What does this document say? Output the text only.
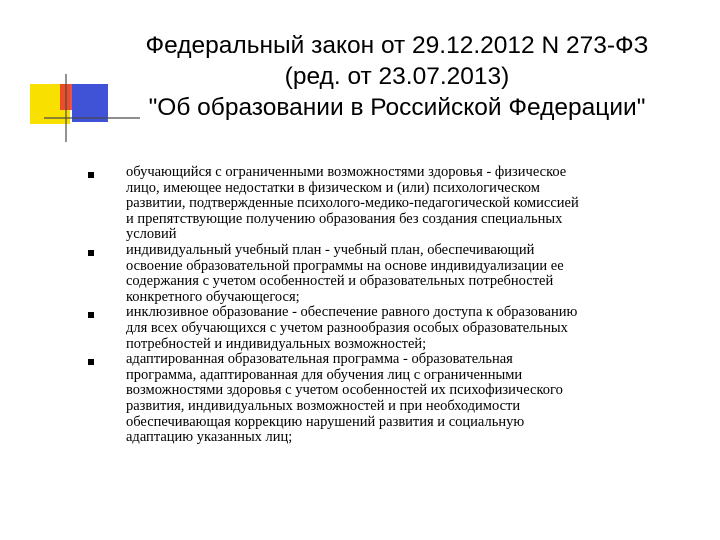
Федеральный закон от 29.12.2012 N 273-ФЗ
(ред. от 23.07.2013)
"Об образовании в Российской Федерации"
обучающийся с ограниченными возможностями здоровья - физическое
лицо, имеющее недостатки в физическом и (или) психологическом
развитии, подтвержденные психолого-медико-педагогической комиссией
и препятствующие получению образования без создания специальных
условий
индивидуальный учебный план - учебный план, обеспечивающий
освоение образовательной программы на основе индивидуализации ее
содержания с учетом особенностей и образовательных потребностей
конкретного обучающегося;
инклюзивное образование - обеспечение равного доступа к образованию
для всех обучающихся с учетом разнообразия особых образовательных
потребностей и индивидуальных возможностей;
адаптированная образовательная программа - образовательная
программа, адаптированная для обучения лиц с ограниченными
возможностями здоровья с учетом особенностей их психофизического
развития, индивидуальных возможностей и при необходимости
обеспечивающая коррекцию нарушений развития и социальную
адаптацию указанных лиц;
